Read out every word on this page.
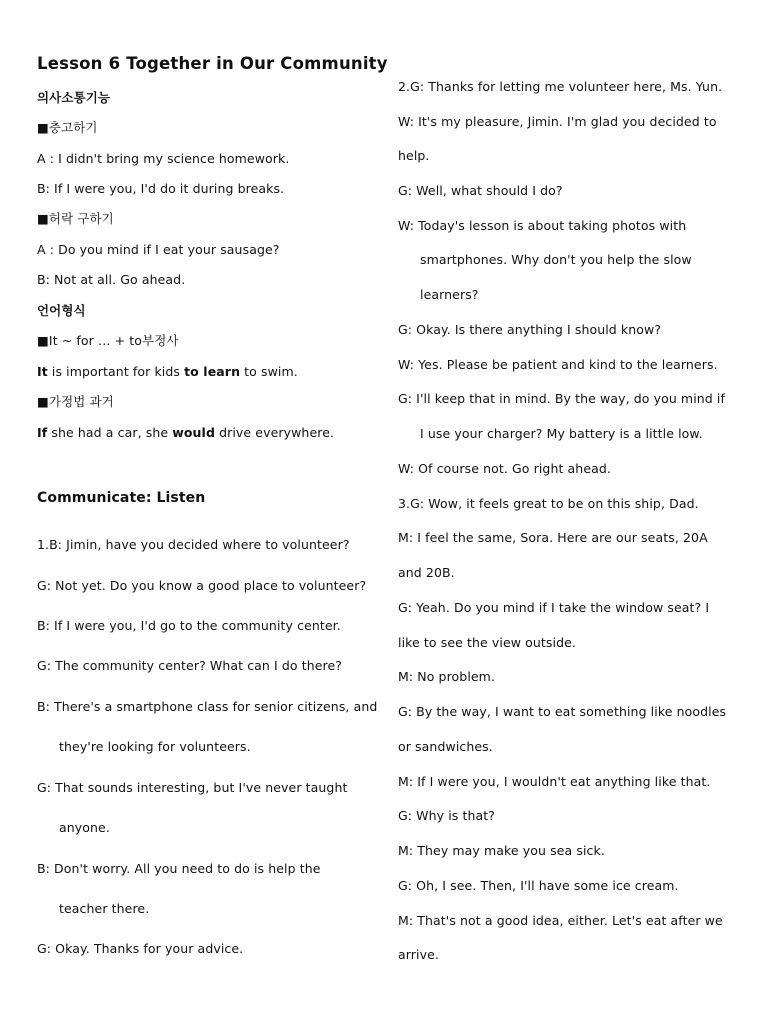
Lesson 6 Together in Our Community
의사소통기능
■충고하기
A : I didn't bring my science homework.
B: If I were you, I'd do it during breaks.
■허락 구하기
A : Do you mind if I eat your sausage?
B: Not at all. Go ahead.
언어형식
■It ~ for … + to부정사
It is important for kids to learn to swim.
■가정법 과거
If she had a car, she would drive everywhere.
Communicate: Listen
1.B: Jimin, have you decided where to volunteer?
G: Not yet. Do you know a good place to volunteer?
B: If I were you, I'd go to the community center.
G: The community center? What can I do there?
B: There's a smartphone class for senior citizens, and
they're looking for volunteers.
G: That sounds interesting, but I've never taught
anyone.
B: Don't worry. All you need to do is help the
teacher there.
G: Okay. Thanks for your advice.
2.G: Thanks for letting me volunteer here, Ms. Yun.
W: It's my pleasure, Jimin. I'm glad you decided to
help.
G: Well, what should I do?
W: Today's lesson is about taking photos with
smartphones. Why don't you help the slow
learners?
G: Okay. Is there anything I should know?
W: Yes. Please be patient and kind to the learners.
G: I'll keep that in mind. By the way, do you mind if
I use your charger? My battery is a little low.
W: Of course not. Go right ahead.
3.G: Wow, it feels great to be on this ship, Dad.
M: I feel the same, Sora. Here are our seats, 20A
and 20B.
G: Yeah. Do you mind if I take the window seat? I
like to see the view outside.
M: No problem.
G: By the way, I want to eat something like noodles
or sandwiches.
M: If I were you, I wouldn't eat anything like that.
G: Why is that?
M: They may make you sea sick.
G: Oh, I see. Then, I'll have some ice cream.
M: That's not a good idea, either. Let's eat after we
arrive.
